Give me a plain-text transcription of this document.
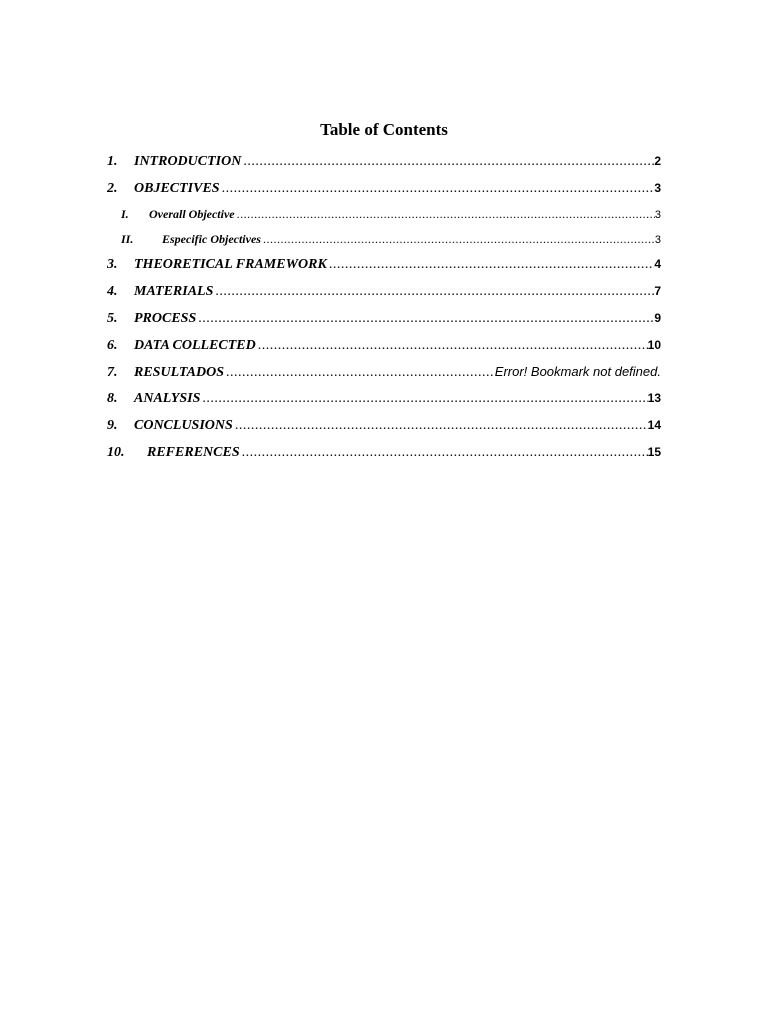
Table of Contents
1.	INTRODUCTION .....	2
2.	OBJECTIVES .....	3
I.	Overall Objective .....	3
II.	Especific Objectives .....	3
3.	THEORETICAL FRAMEWORK .....	4
4.	MATERIALS .....	7
5.	PROCESS .....	9
6.	DATA COLLECTED .....	10
7.	RESULTADOS .....	Error! Bookmark not defined.
8.	ANALYSIS .....	13
9.	CONCLUSIONS .....	14
10.	REFERENCES .....	15
